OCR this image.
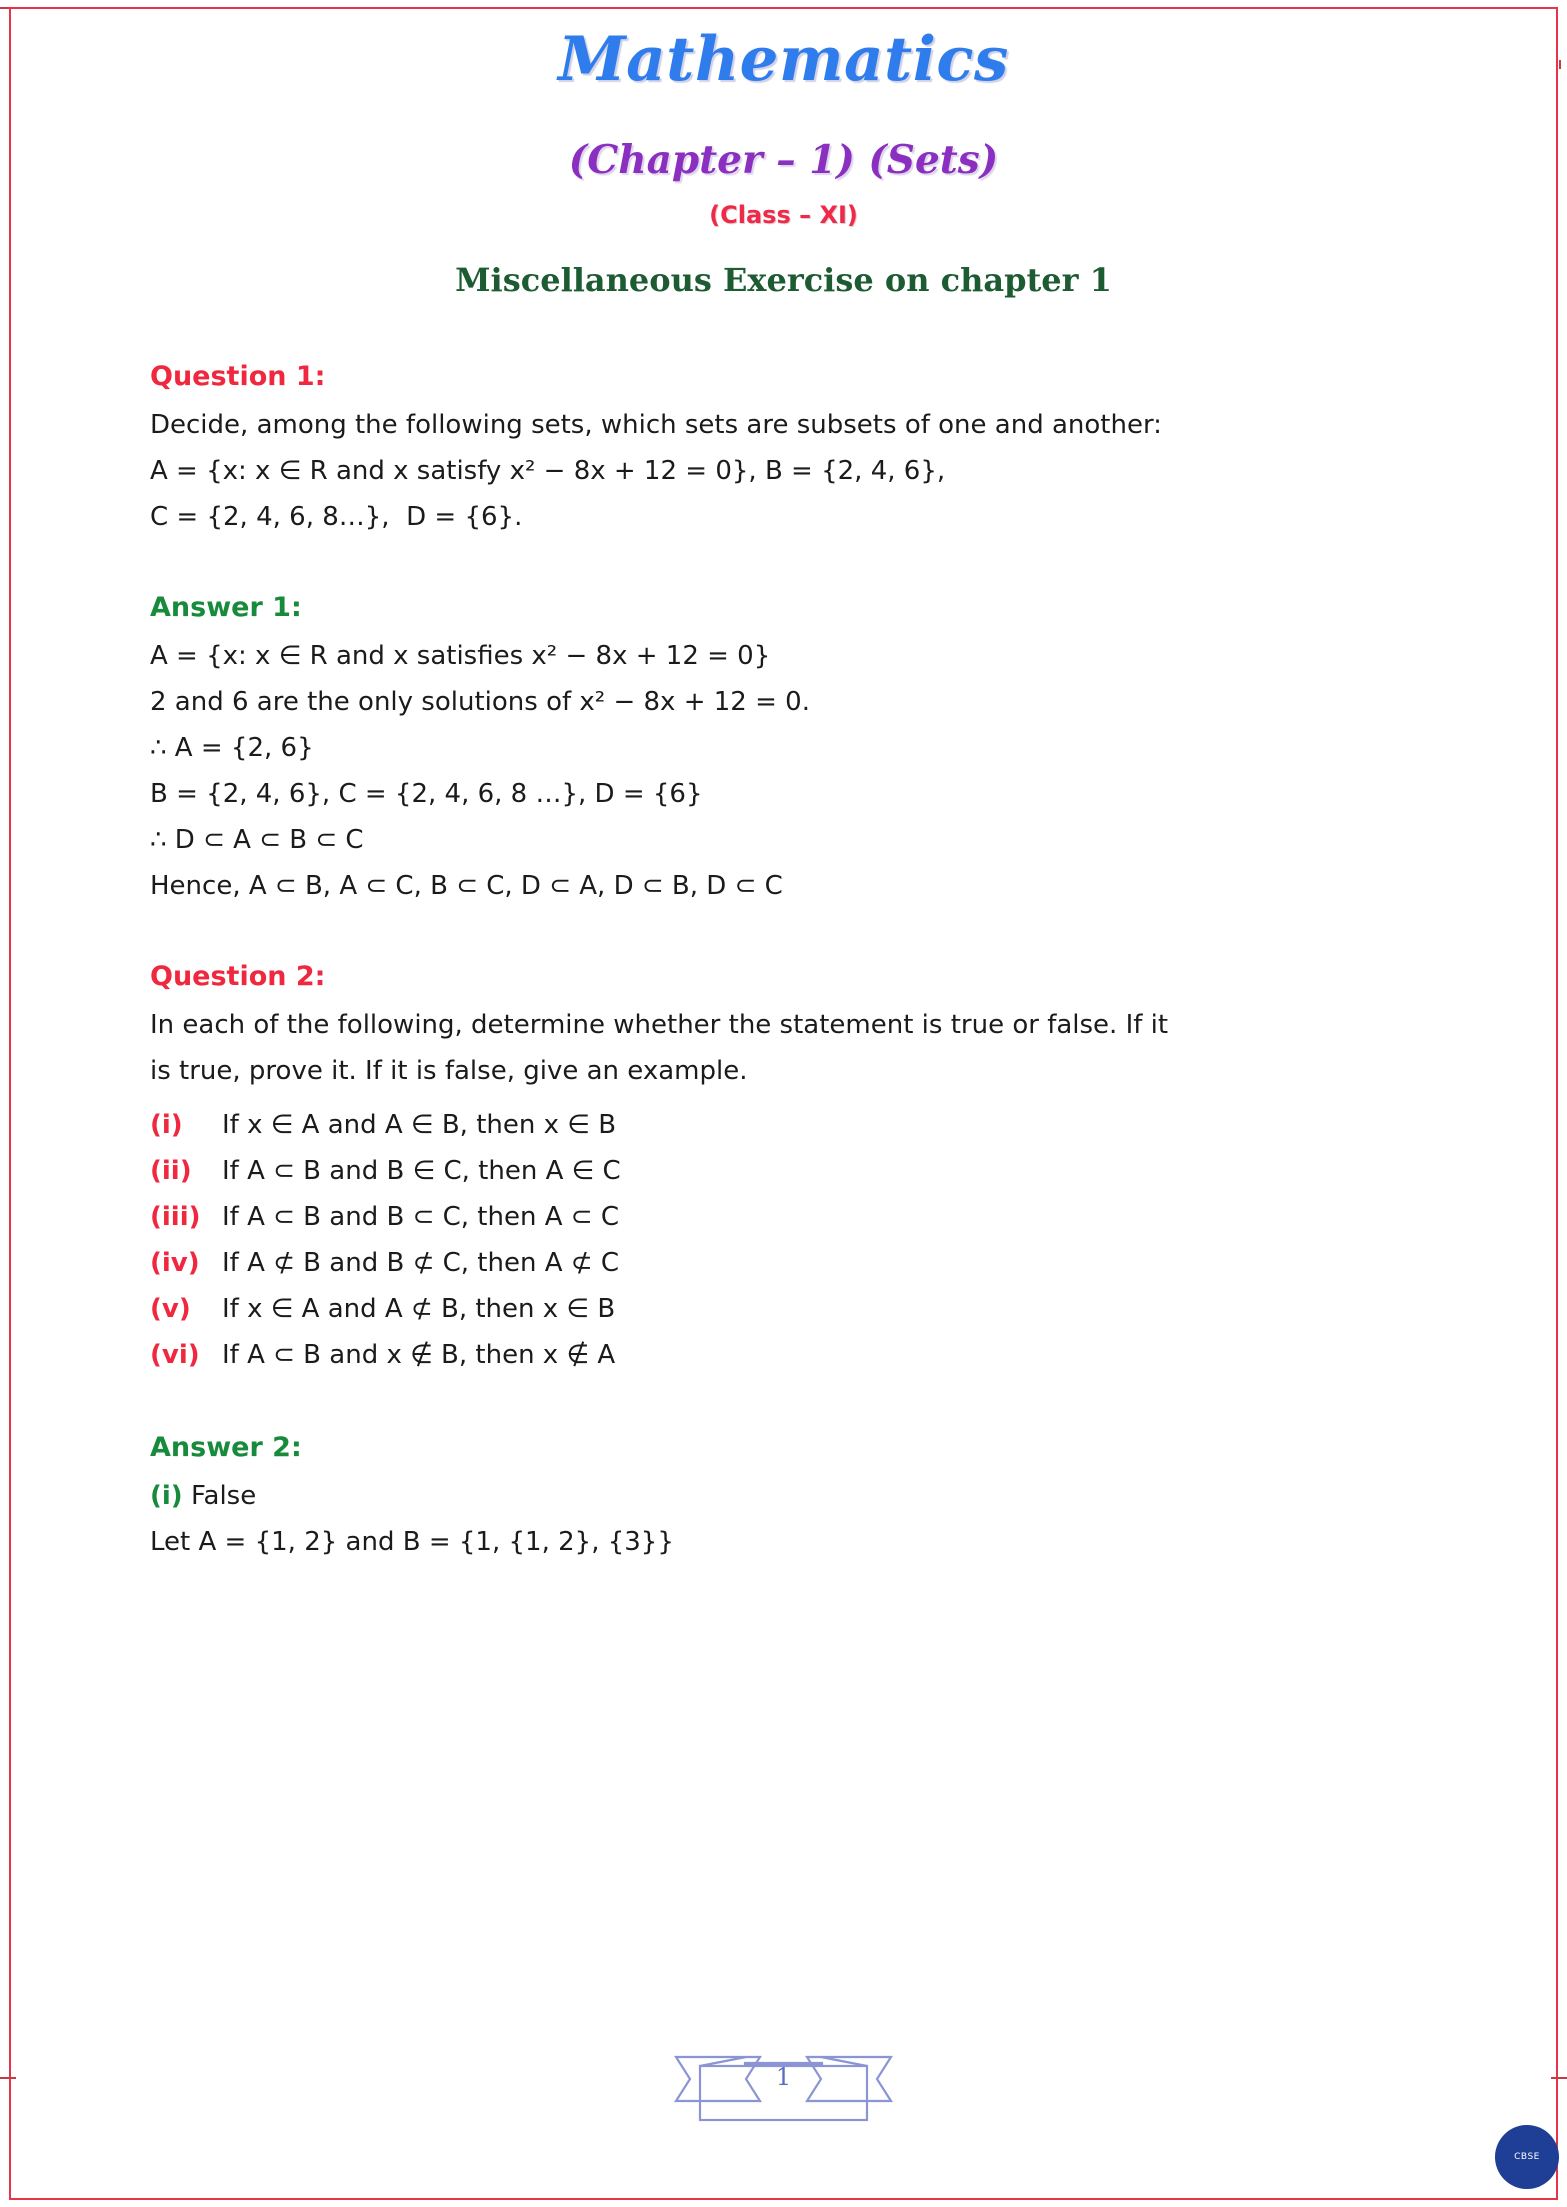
Mathematics
(Chapter – 1) (Sets)
(Class – XI)
Miscellaneous Exercise on chapter 1
Question 1:

Decide, among the following sets, which sets are subsets of one and another:

A = {x: x ∈ R and x satisfy x² − 8x + 12 = 0}, B = {2, 4, 6},

C = {2, 4, 6, 8…},  D = {6}.

Answer 1:

A = {x: x ∈ R and x satisfies x² − 8x + 12 = 0}

2 and 6 are the only solutions of x² − 8x + 12 = 0.

∴ A = {2, 6}

B = {2, 4, 6}, C = {2, 4, 6, 8 …}, D = {6}

∴ D ⊂ A ⊂ B ⊂ C

Hence, A ⊂ B, A ⊂ C, B ⊂ C, D ⊂ A, D ⊂ B, D ⊂ C

Question 2:

In each of the following, determine whether the statement is true or false. If it

is true, prove it. If it is false, give an example.

(i)	If x ∈ A and A ∈ B, then x ∈ B
(ii)	If A ⊂ B and B ∈ C, then A ∈ C
(iii) If A ⊂ B and B ⊂ C, then A ⊂ C
(iv) If A ⊄ B and B ⊄ C, then A ⊄ C
(v)	If x ∈ A and A ⊄ B, then x ∈ B
(vi) If A ⊂ B and x ∉ B, then x ∉ A
Answer 2:

(i) False

Let A = {1, 2} and B = {1, {1, 2}, {3}}

1
CBSE
